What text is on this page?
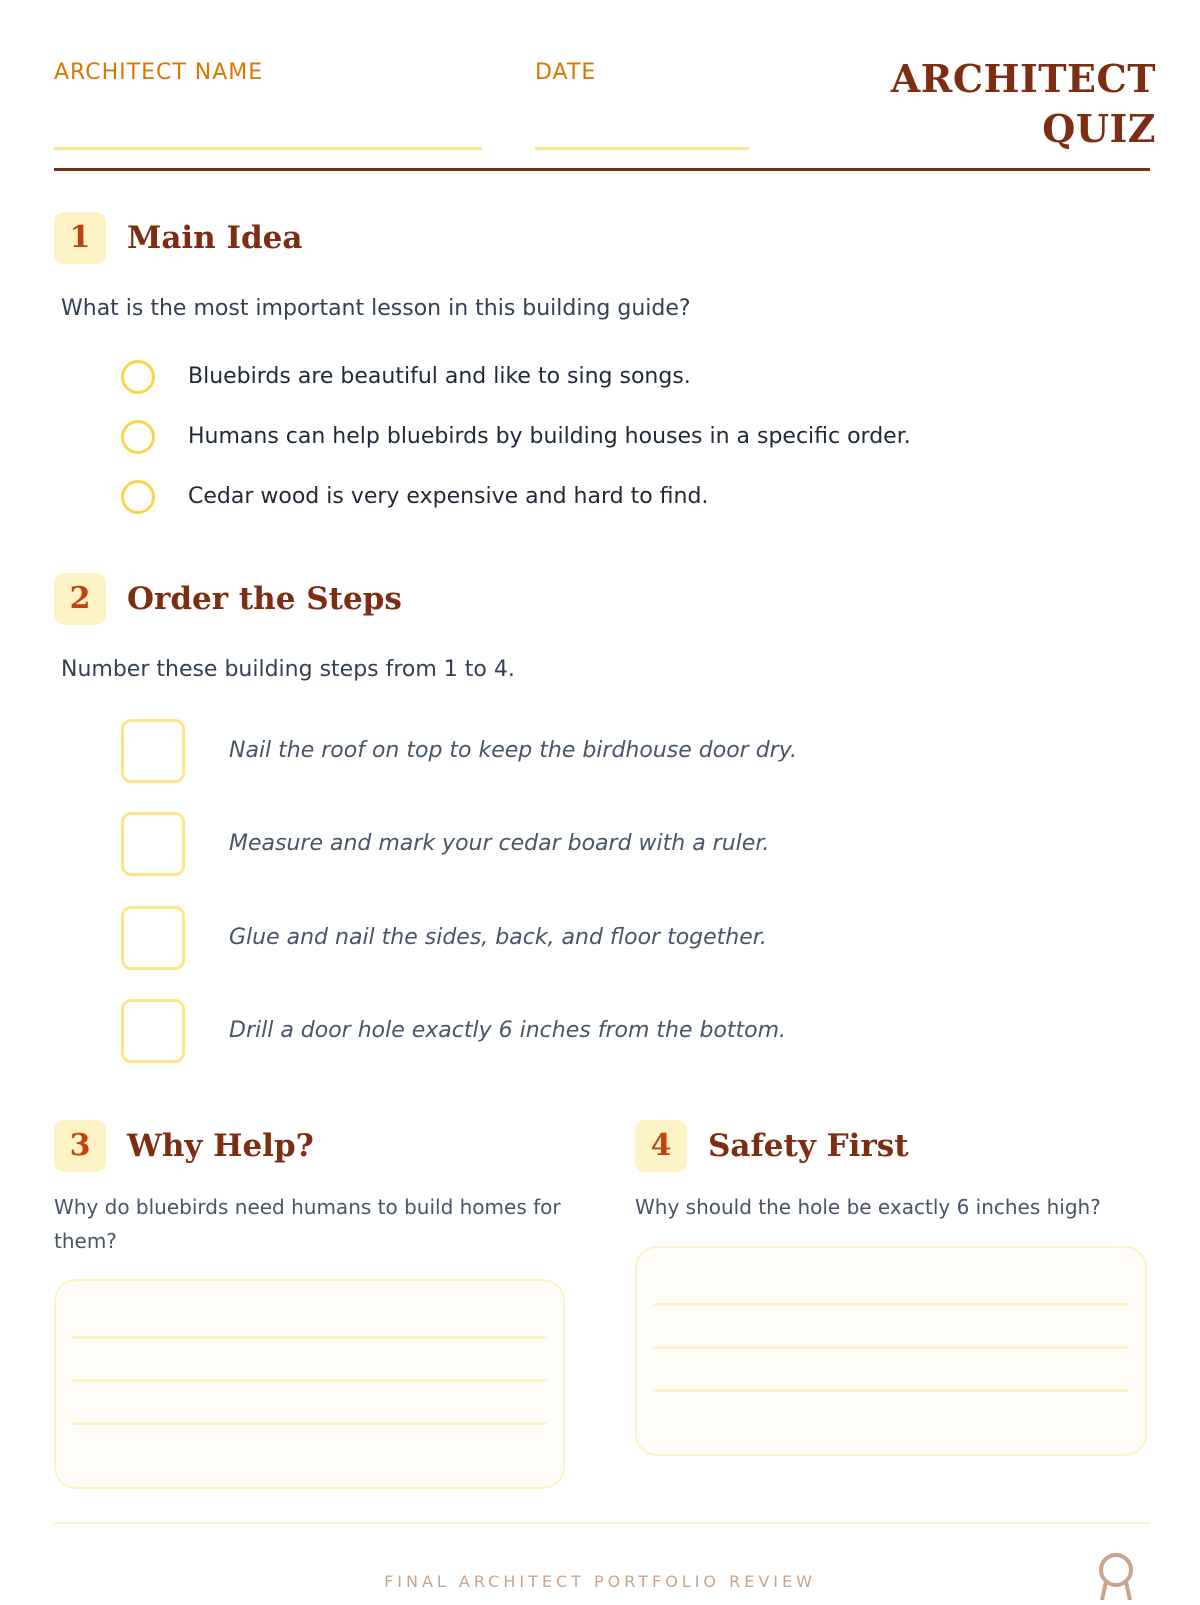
ARCHITECT NAME	DATE	ARCHITECT
QUIZ
1	Main Idea
What is the most important lesson in this building guide?
Bluebirds are beautiful and like to sing songs.
Humans can help bluebirds by building houses in a specific order.
Cedar wood is very expensive and hard to find.
2	Order the Steps
Number these building steps from 1 to 4.
Nail the roof on top to keep the birdhouse door dry.
Measure and mark your cedar board with a ruler.
Glue and nail the sides, back, and floor together.
Drill a door hole exactly 6 inches from the bottom.
3	Why Help?
Why do bluebirds need humans to build homes for them?
4	Safety First
Why should the hole be exactly 6 inches high?
FINAL ARCHITECT PORTFOLIO REVIEW
